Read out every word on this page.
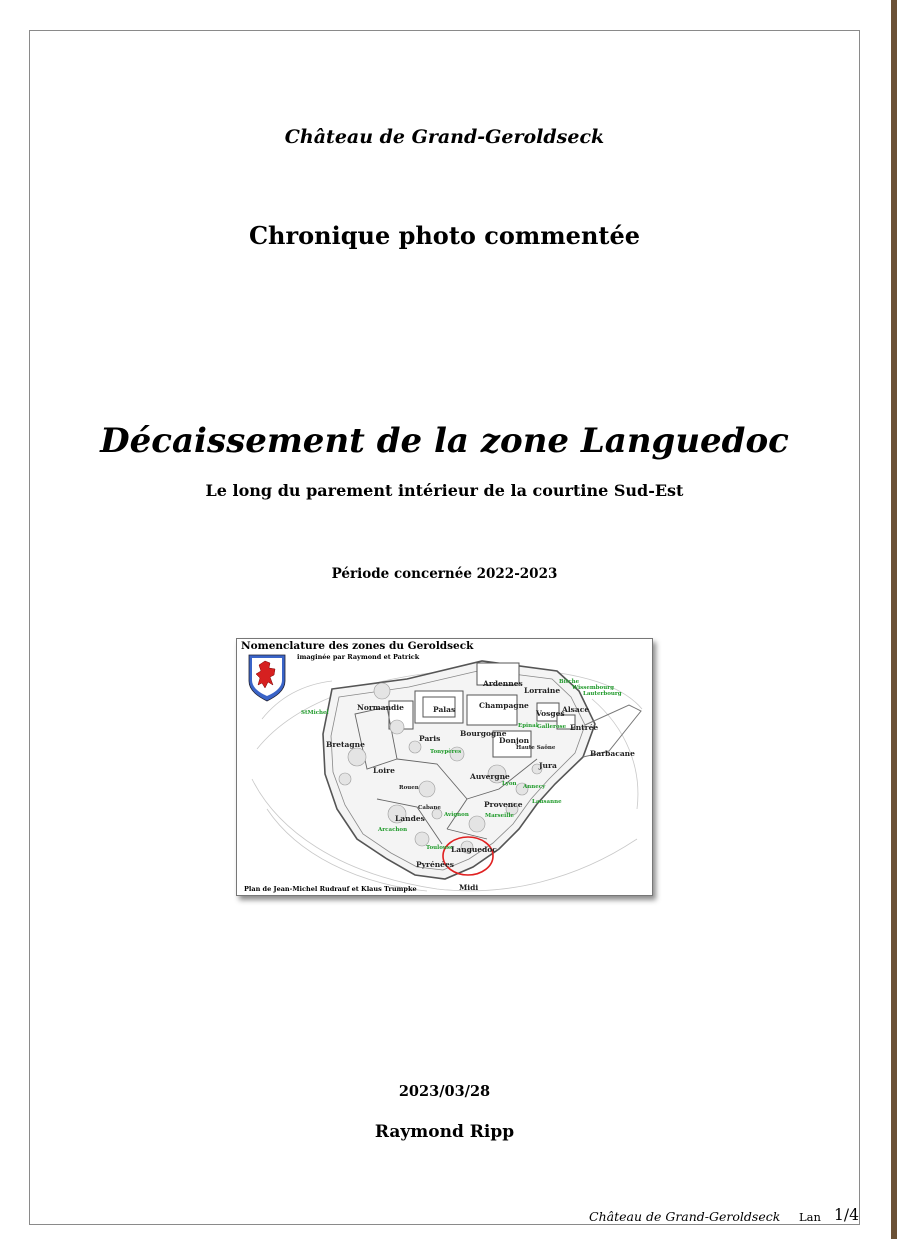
Château de Grand-Geroldseck
Chronique photo commentée
Décaissement de la zone Languedoc
Le long du parement intérieur de la courtine Sud-Est
Période concernée 2022-2023
Nomenclature des zones du Geroldseck
imaginée par Raymond et Patrick
Ardennes
Lorraine
Bitche
Wissembourg
Lauterbourg
Normandie	Palas	Champagne
Vosges
Alsace
StMichel
Epinal Gallerose Entrée
Paris
Bourgogne
Donjon
Bretagne	Haute Saône
Barbacane
Tonypères
Loire
Jura
Auvergne
Lyon Annecy
Rouen
Provence Lausanne
Cabane
Avignon	Marseille
Landes
Arcachon
Toulouse
Languedoc
Pyrénées
Midi
Plan de Jean-Michel Rudrauf et Klaus Trumpke
2023/03/28
Raymond Ripp
Château de Grand-Geroldseck Lan 1/4
